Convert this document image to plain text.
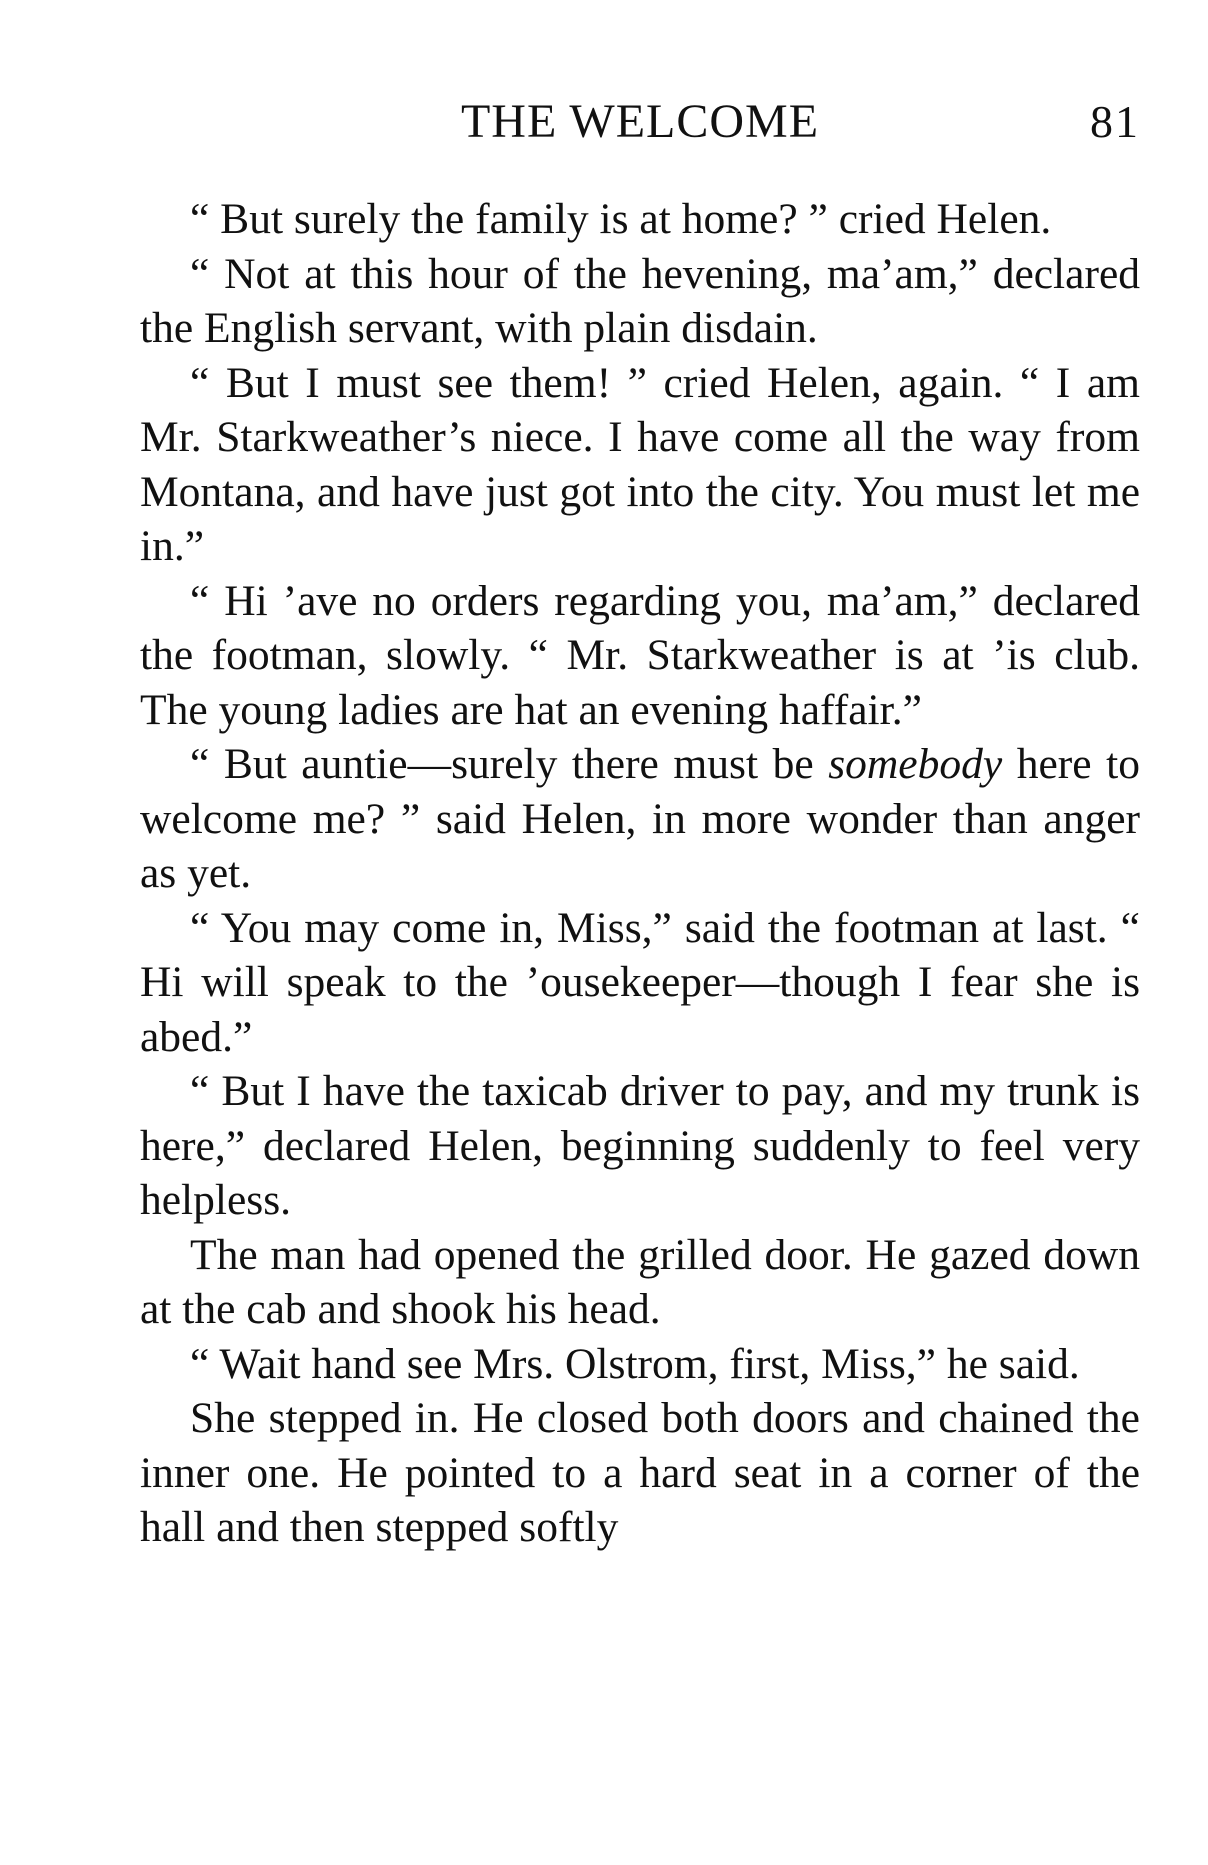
THE WELCOME	81

“ But surely the family is at home? ” cried Helen.

“ Not at this hour of the hevening, ma’am,” declared the English servant, with plain disdain.

“ But I must see them! ” cried Helen, again. “ I am Mr. Starkweather’s niece. I have come all the way from Montana, and have just got into the city. You must let me in.”

“ Hi ’ave no orders regarding you, ma’am,” declared the footman, slowly. “ Mr. Starkweather is at ’is club. The young ladies are hat an evening haffair.”

“ But auntie—surely there must be somebody here to welcome me? ” said Helen, in more wonder than anger as yet.

“ You may come in, Miss,” said the footman at last. “ Hi will speak to the ’ousekeeper—though I fear she is abed.”

“ But I have the taxicab driver to pay, and my trunk is here,” declared Helen, beginning suddenly to feel very helpless.

The man had opened the grilled door. He gazed down at the cab and shook his head.

“ Wait hand see Mrs. Olstrom, first, Miss,” he said.

She stepped in. He closed both doors and chained the inner one. He pointed to a hard seat in a corner of the hall and then stepped softly
